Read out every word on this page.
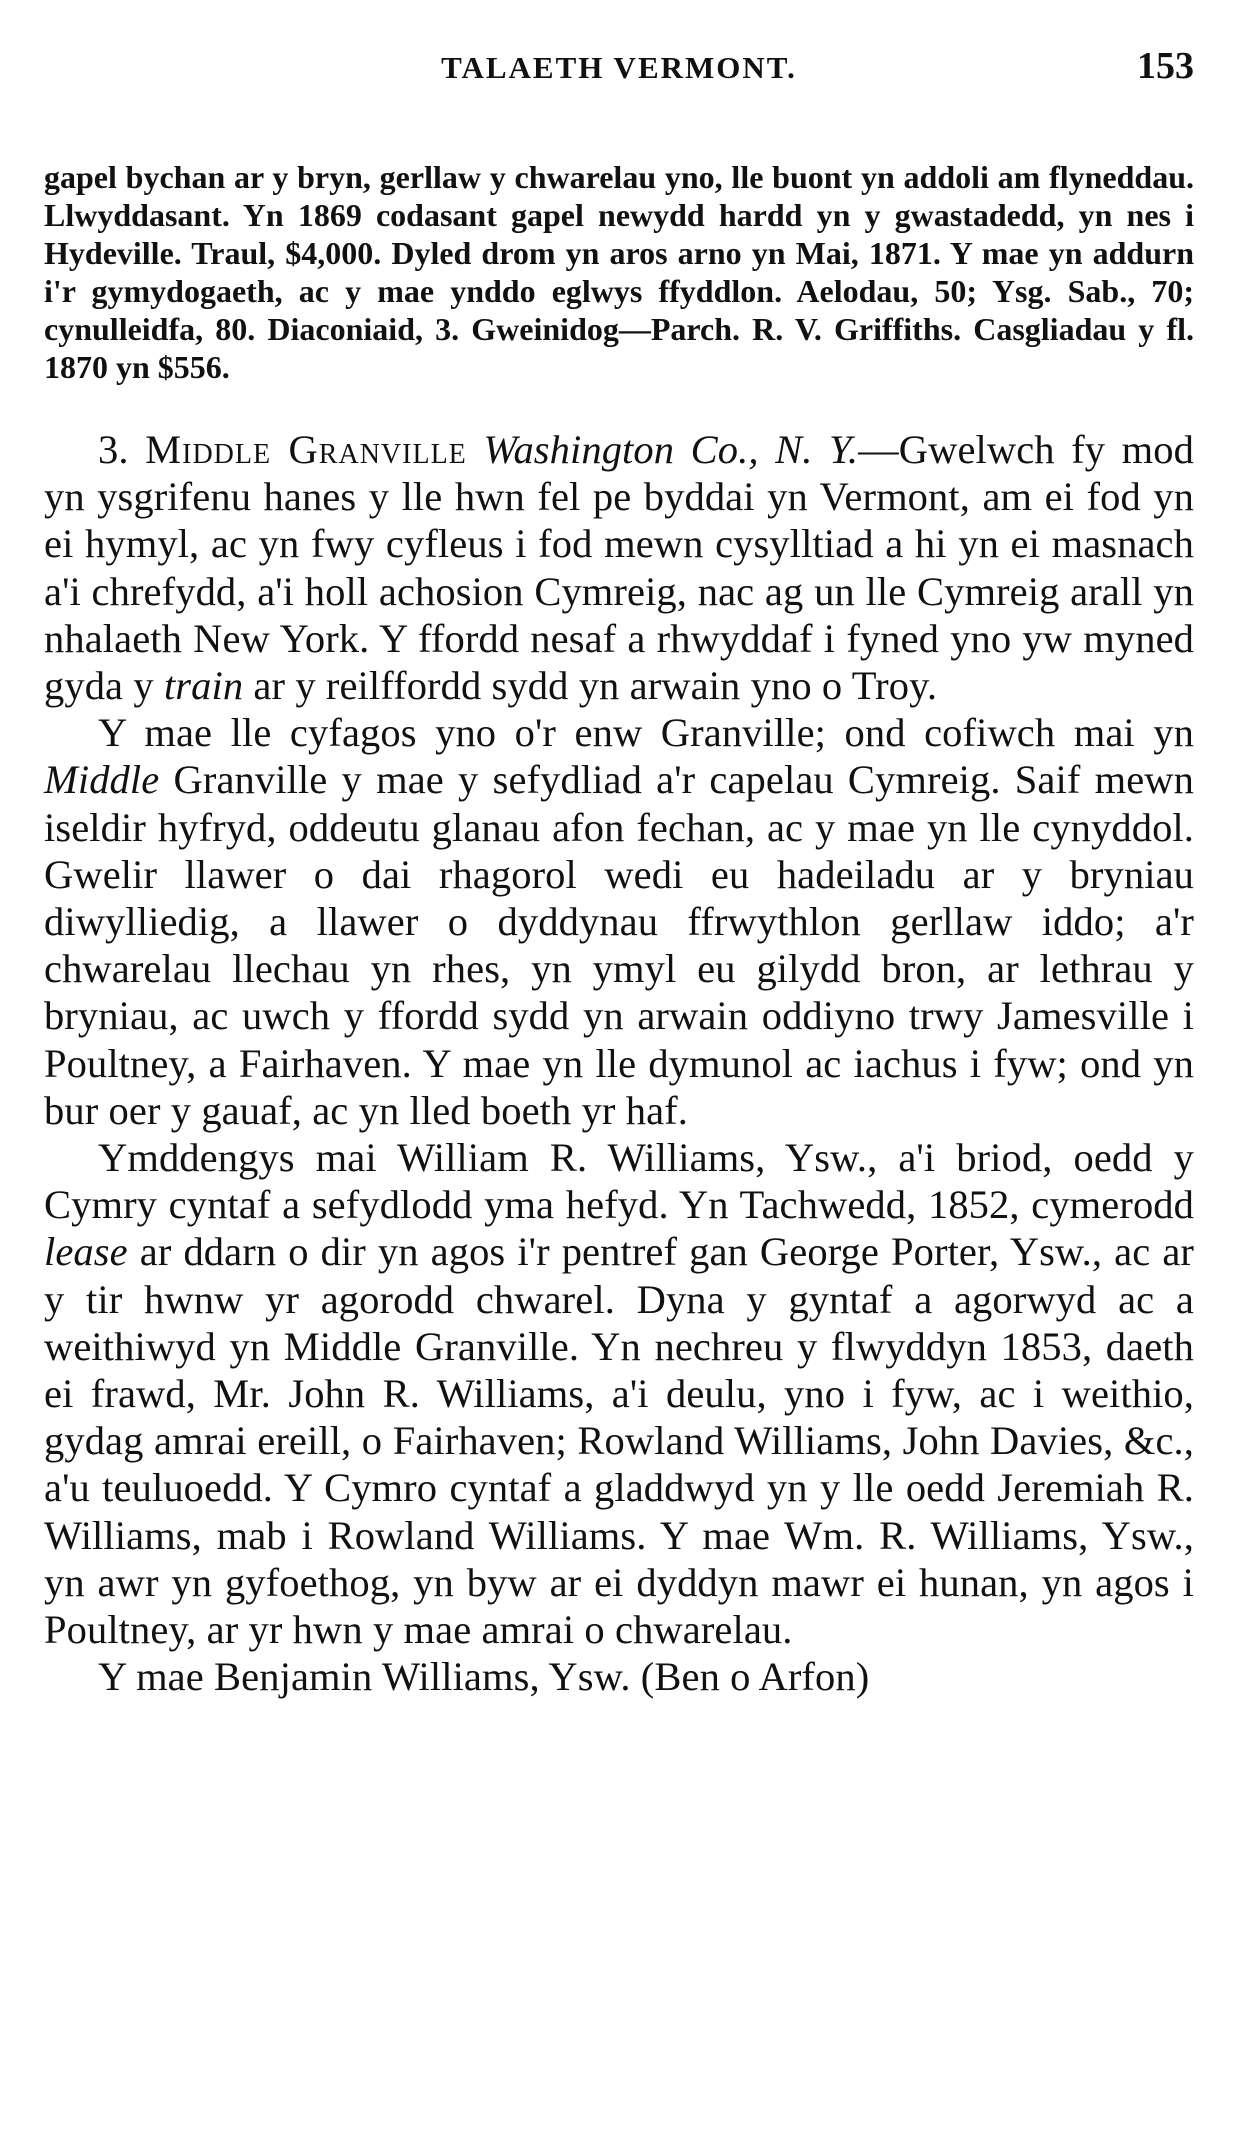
TALAETH VERMONT.	153
gapel bychan ar y bryn, gerllaw y chwarelau yno, lle buont yn addoli am flyneddau. Llwyddasant. Yn 1869 codasant gapel newydd hardd yn y gwastadedd, yn nes i Hydeville. Traul, $4,000. Dyled drom yn aros arno yn Mai, 1871. Y mae yn addurn i'r gymydogaeth, ac y mae ynddo eglwys ffyddlon. Aelodau, 50; Ysg. Sab., 70; cynulleidfa, 80. Diaconiaid, 3. Gweinidog—Parch. R. V. Griffiths. Casgliadau y fl. 1870 yn $556.

3. Middle Granville Washington Co., N. Y.—Gwelwch fy mod yn ysgrifenu hanes y lle hwn fel pe byddai yn Vermont, am ei fod yn ei hymyl, ac yn fwy cyfleus i fod mewn cysylltiad a hi yn ei masnach a'i chrefydd, a'i holl achosion Cymreig, nac ag un lle Cymreig arall yn nhalaeth New York. Y ffordd nesaf a rhwyddaf i fyned yno yw myned gyda y train ar y reilffordd sydd yn arwain yno o Troy.

Y mae lle cyfagos yno o'r enw Granville; ond cofiwch mai yn Middle Granville y mae y sefydliad a'r capelau Cymreig. Saif mewn iseldir hyfryd, oddeutu glanau afon fechan, ac y mae yn lle cynyddol. Gwelir llawer o dai rhagorol wedi eu hadeiladu ar y bryniau diwylliedig, a llawer o dyddynau ffrwythlon gerllaw iddo; a'r chwarelau llechau yn rhes, yn ymyl eu gilydd bron, ar lethrau y bryniau, ac uwch y ffordd sydd yn arwain oddiyno trwy Jamesville i Poultney, a Fairhaven. Y mae yn lle dymunol ac iachus i fyw; ond yn bur oer y gauaf, ac yn lled boeth yr haf.

Ymddengys mai William R. Williams, Ysw., a'i briod, oedd y Cymry cyntaf a sefydlodd yma hefyd. Yn Tachwedd, 1852, cymerodd lease ar ddarn o dir yn agos i'r pentref gan George Porter, Ysw., ac ar y tir hwnw yr agorodd chwarel. Dyna y gyntaf a agorwyd ac a weithiwyd yn Middle Granville. Yn nechreu y flwyddyn 1853, daeth ei frawd, Mr. John R. Williams, a'i deulu, yno i fyw, ac i weithio, gydag amrai ereill, o Fairhaven; Rowland Williams, John Davies, &c., a'u teuluoedd. Y Cymro cyntaf a gladdwyd yn y lle oedd Jeremiah R. Williams, mab i Rowland Williams. Y mae Wm. R. Williams, Ysw., yn awr yn gyfoethog, yn byw ar ei dyddyn mawr ei hunan, yn agos i Poultney, ar yr hwn y mae amrai o chwarelau.

Y mae Benjamin Williams, Ysw. (Ben o Arfon)
